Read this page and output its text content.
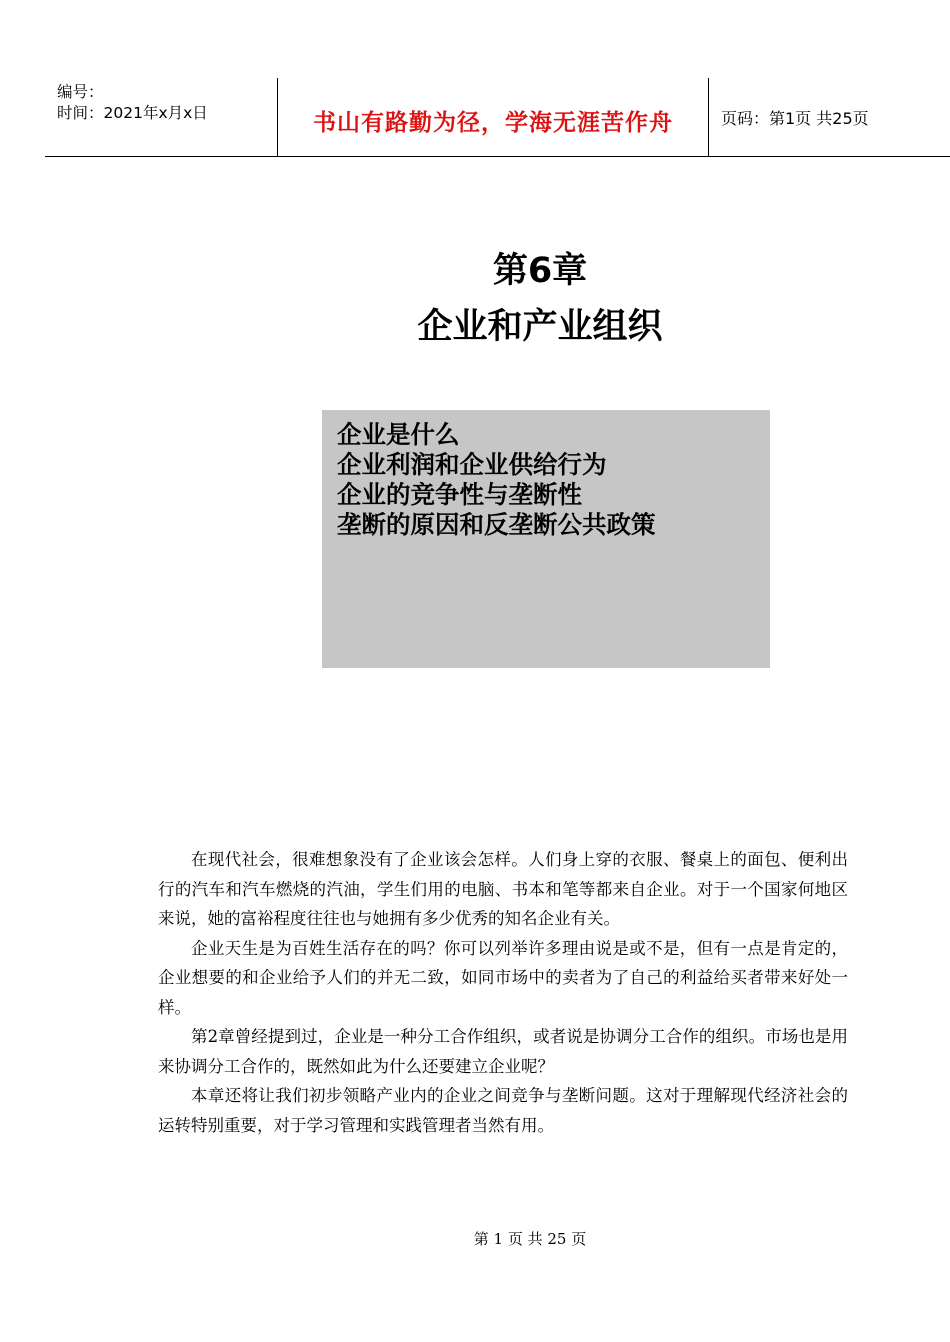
编号：
时间：2021年x月x日	书山有路勤为径，学海无涯苦作舟	页码：第1页 共25页
第6章
企业和产业组织
企业是什么
企业利润和企业供给行为
企业的竞争性与垄断性
垄断的原因和反垄断公共政策

在现代社会，很难想象没有了企业该会怎样。人们身上穿的衣服、餐桌上的面包、便利出行的汽车和汽车燃烧的汽油，学生们用的电脑、书本和笔等都来自企业。对于一个国家何地区来说，她的富裕程度往往也与她拥有多少优秀的知名企业有关。

企业天生是为百姓生活存在的吗？你可以列举许多理由说是或不是，但有一点是肯定的，企业想要的和企业给予人们的并无二致，如同市场中的卖者为了自己的利益给买者带来好处一样。

第2章曾经提到过，企业是一种分工合作组织，或者说是协调分工合作的组织。市场也是用来协调分工合作的，既然如此为什么还要建立企业呢？

本章还将让我们初步领略产业内的企业之间竞争与垄断问题。这对于理解现代经济社会的运转特别重要，对于学习管理和实践管理者当然有用。

第 1 页 共 25 页
